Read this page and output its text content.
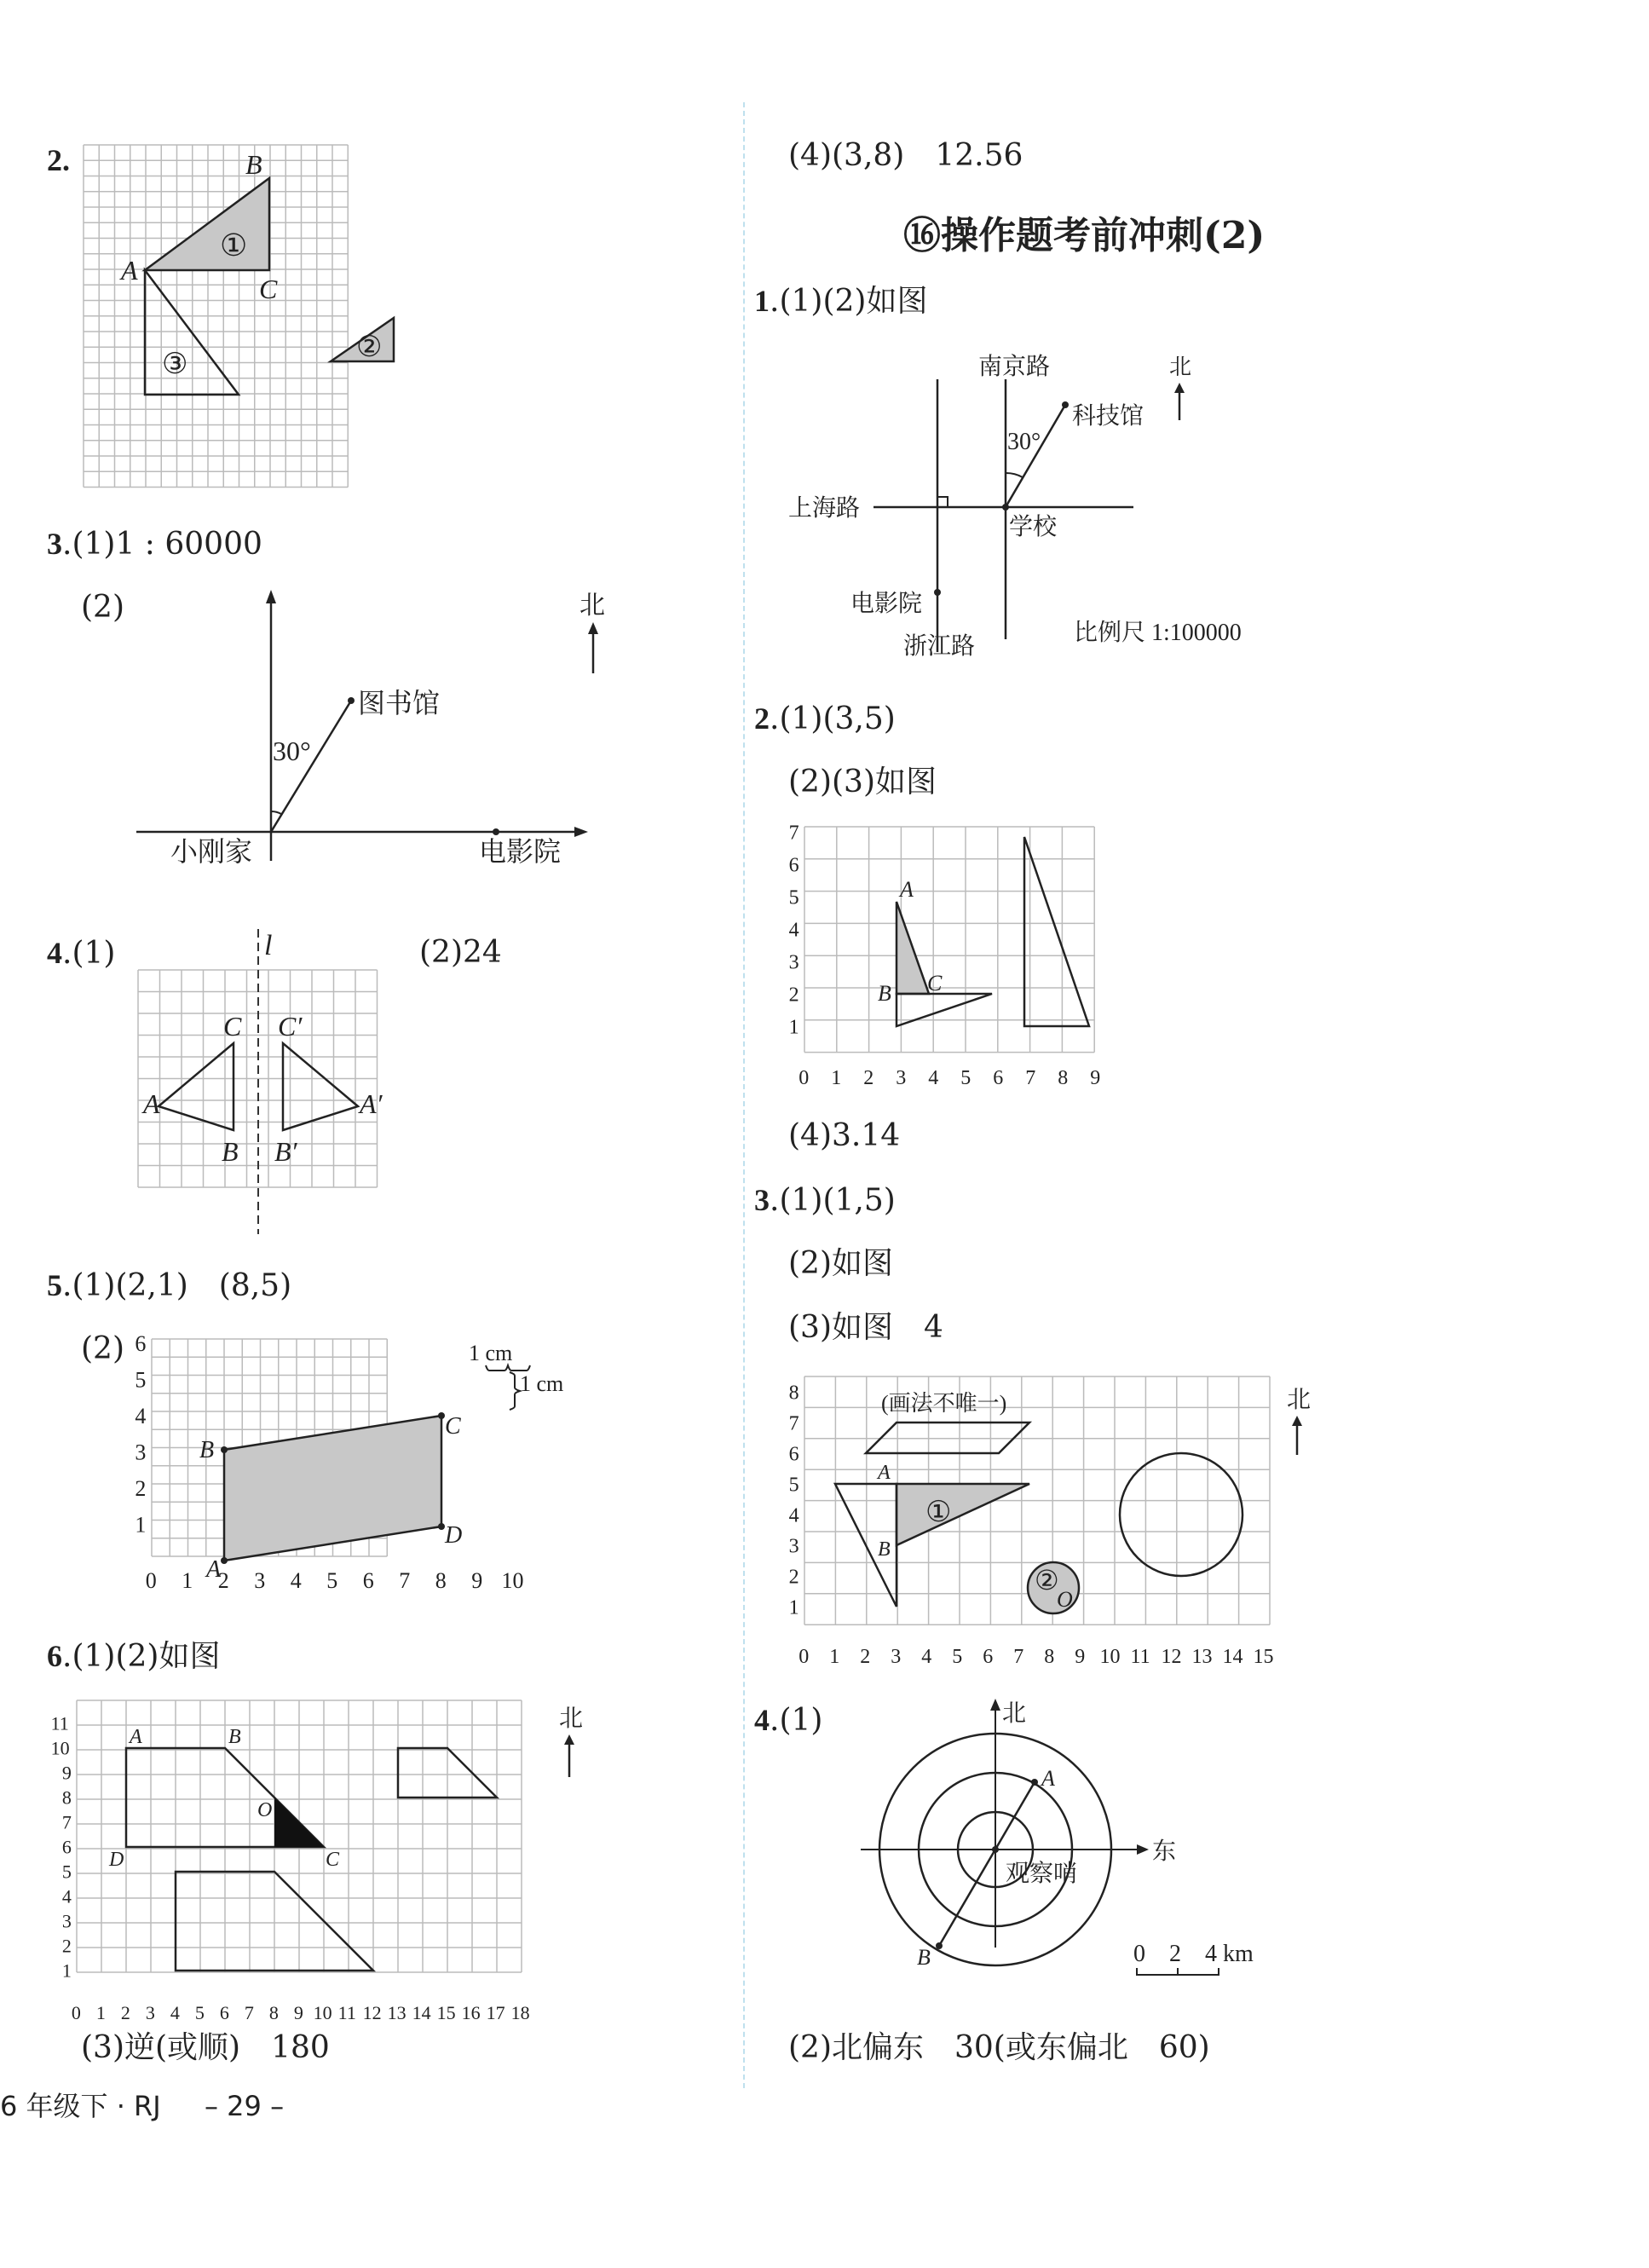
2.	B
A
C
①
②
③
3.(1)1 : 60000
(2)
30°
图书馆
小刚家	电影院
北
4.(1)	(2)24
l
C C′
A	A′
B B′
5.(1)(2,1)　(8,5)
(2)
0 1 2 3 4 5 6 7 8 9 10
1
2
3
4
5
6
A
B
C
D
1 cm
1 cm
6.(1)(2)如图
0 1 2 3 4 5 6 7 8 9 10 11 12 13 14 15 16 17 18
1
2
3
4
5
6
7
8
9
10
11
A	B
O
C
D
北
(3)逆(或顺)　180
(4)(3,8)　12.56
⑯操作题考前冲刺(2)
1.(1)(2)如图
南京路
科技馆
30°
上海路
学校
电影院
浙江路
比例尺 1:100000
北
2.(1)(3,5)
(2)(3)如图
0 1 2 3 4 5 6 7 8 9
1
2
3
4
5
6
7
A
B C
(4)3.14
3.(1)(1,5)
(2)如图
(3)如图　4
0 1 2 3 4 5 6 7 8 9 10 11 12 13 14 15
1
2
3
4
5
6
7
8	(画法不唯一)
A
B
①
②
O
北
4.(1)	北
东
A
B
观察哨
0　2　4 km
(2)北偏东　30(或东偏北　60)
6 年级下 · RJ – 29 –
